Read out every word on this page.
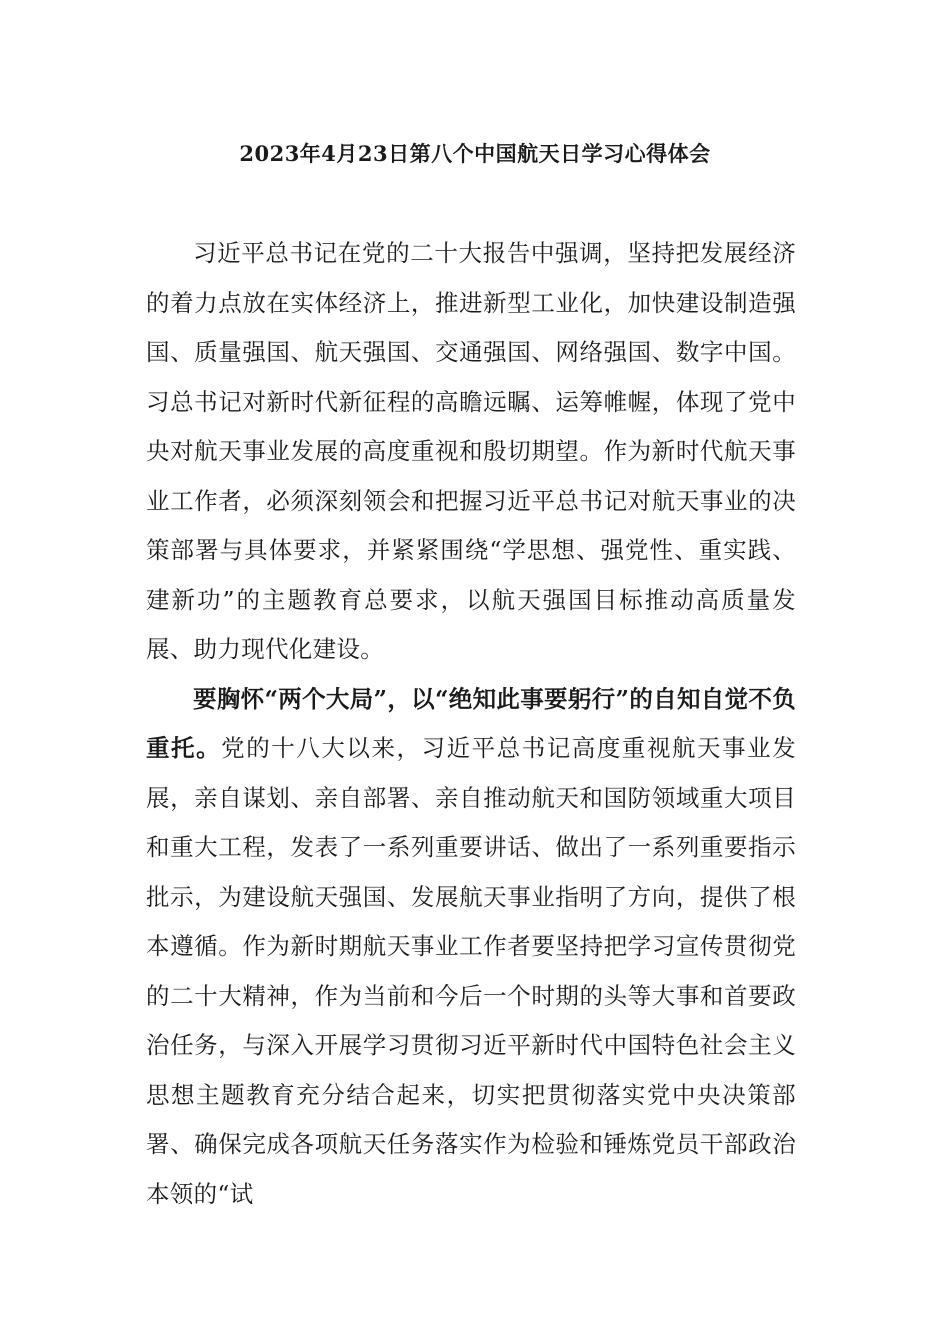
2023年4月23日第八个中国航天日学习心得体会

习近平总书记在党的二十大报告中强调，坚持把发展经济的着力点放在实体经济上，推进新型工业化，加快建设制造强国、质量强国、航天强国、交通强国、网络强国、数字中国。习总书记对新时代新征程的高瞻远瞩、运筹帷幄，体现了党中央对航天事业发展的高度重视和殷切期望。作为新时代航天事业工作者，必须深刻领会和把握习近平总书记对航天事业的决策部署与具体要求，并紧紧围绕“学思想、强党性、重实践、建新功”的主题教育总要求，以航天强国目标推动高质量发展、助力现代化建设。

要胸怀“两个大局”，以“绝知此事要躬行”的自知自觉不负重托。党的十八大以来，习近平总书记高度重视航天事业发展，亲自谋划、亲自部署、亲自推动航天和国防领域重大项目和重大工程，发表了一系列重要讲话、做出了一系列重要指示批示，为建设航天强国、发展航天事业指明了方向，提供了根本遵循。作为新时期航天事业工作者要坚持把学习宣传贯彻党的二十大精神，作为当前和今后一个时期的头等大事和首要政治任务，与深入开展学习贯彻习近平新时代中国特色社会主义思想主题教育充分结合起来，切实把贯彻落实党中央决策部署、确保完成各项航天任务落实作为检验和锤炼党员干部政治本领的“试
